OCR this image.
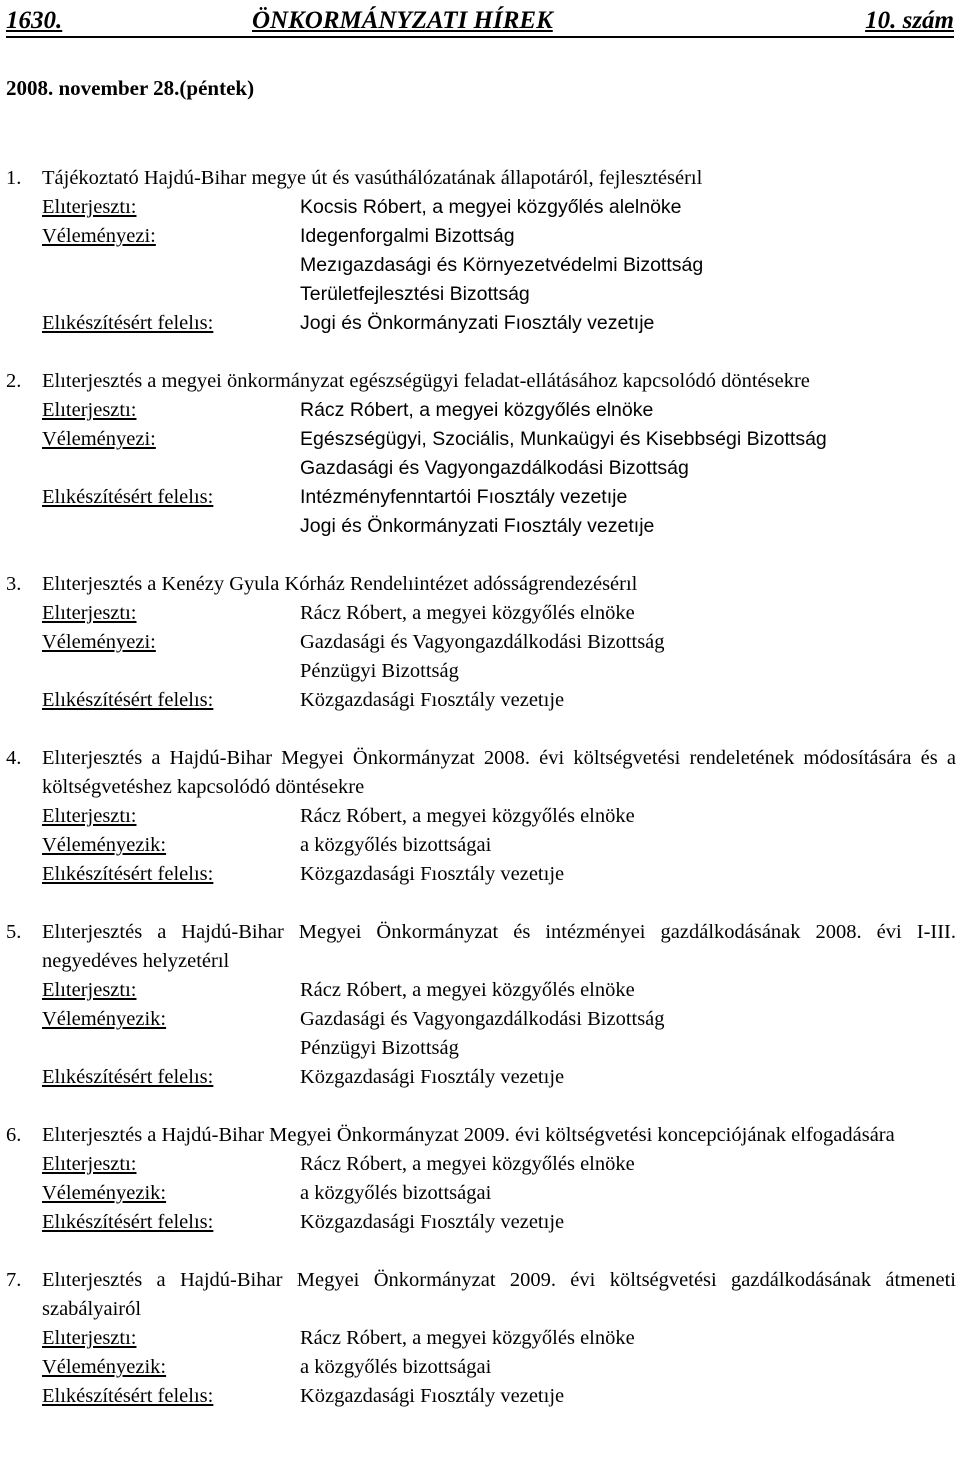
1630.	ÖNKORMÁNYZATI HÍREK	10. szám
2008. november 28.(péntek)
1. Tájékoztató Hajdú-Bihar megye út és vasúthálózatának állapotáról, fejlesztésérıl
Elıterjesztı:	Kocsis Róbert, a megyei közgyőlés alelnöke
Véleményezi:	Idegenforgalmi Bizottság
Mezıgazdasági és Környezetvédelmi Bizottság
Területfejlesztési Bizottság
Elıkészítésért felelıs:	Jogi és Önkormányzati Fıosztály vezetıje
2. Elıterjesztés a megyei önkormányzat egészségügyi feladat-ellátásához kapcsolódó döntésekre
Elıterjesztı:	Rácz Róbert, a megyei közgyőlés elnöke
Véleményezi:	Egészségügyi, Szociális, Munkaügyi és Kisebbségi Bizottság
Gazdasági és Vagyongazdálkodási Bizottság
Elıkészítésért felelıs:	Intézményfenntartói Fıosztály vezetıje
Jogi és Önkormányzati Fıosztály vezetıje
3. Elıterjesztés a Kenézy Gyula Kórház Rendelıintézet adósságrendezésérıl
Elıterjesztı:	Rácz Róbert, a megyei közgyőlés elnöke
Véleményezi:	Gazdasági és Vagyongazdálkodási Bizottság
Pénzügyi Bizottság
Elıkészítésért felelıs:	Közgazdasági Fıosztály vezetıje
4. Elıterjesztés a Hajdú-Bihar Megyei Önkormányzat 2008. évi költségvetési rendeletének módosítására és a költségvetéshez kapcsolódó döntésekre
Elıterjesztı:	Rácz Róbert, a megyei közgyőlés elnöke
Véleményezik:	a közgyőlés bizottságai
Elıkészítésért felelıs:	Közgazdasági Fıosztály vezetıje
5. Elıterjesztés a Hajdú-Bihar Megyei Önkormányzat és intézményei gazdálkodásának 2008. évi I-III. negyedéves helyzetérıl
Elıterjesztı:	Rácz Róbert, a megyei közgyőlés elnöke
Véleményezik:	Gazdasági és Vagyongazdálkodási Bizottság
Pénzügyi Bizottság
Elıkészítésért felelıs:	Közgazdasági Fıosztály vezetıje
6. Elıterjesztés a Hajdú-Bihar Megyei Önkormányzat 2009. évi költségvetési koncepciójának elfogadására
Elıterjesztı:	Rácz Róbert, a megyei közgyőlés elnöke
Véleményezik:	a közgyőlés bizottságai
Elıkészítésért felelıs:	Közgazdasági Fıosztály vezetıje
7. Elıterjesztés a Hajdú-Bihar Megyei Önkormányzat 2009. évi költségvetési gazdálkodásának átmeneti szabályairól
Elıterjesztı:	Rácz Róbert, a megyei közgyőlés elnöke
Véleményezik:	a közgyőlés bizottságai
Elıkészítésért felelıs:	Közgazdasági Fıosztály vezetıje
